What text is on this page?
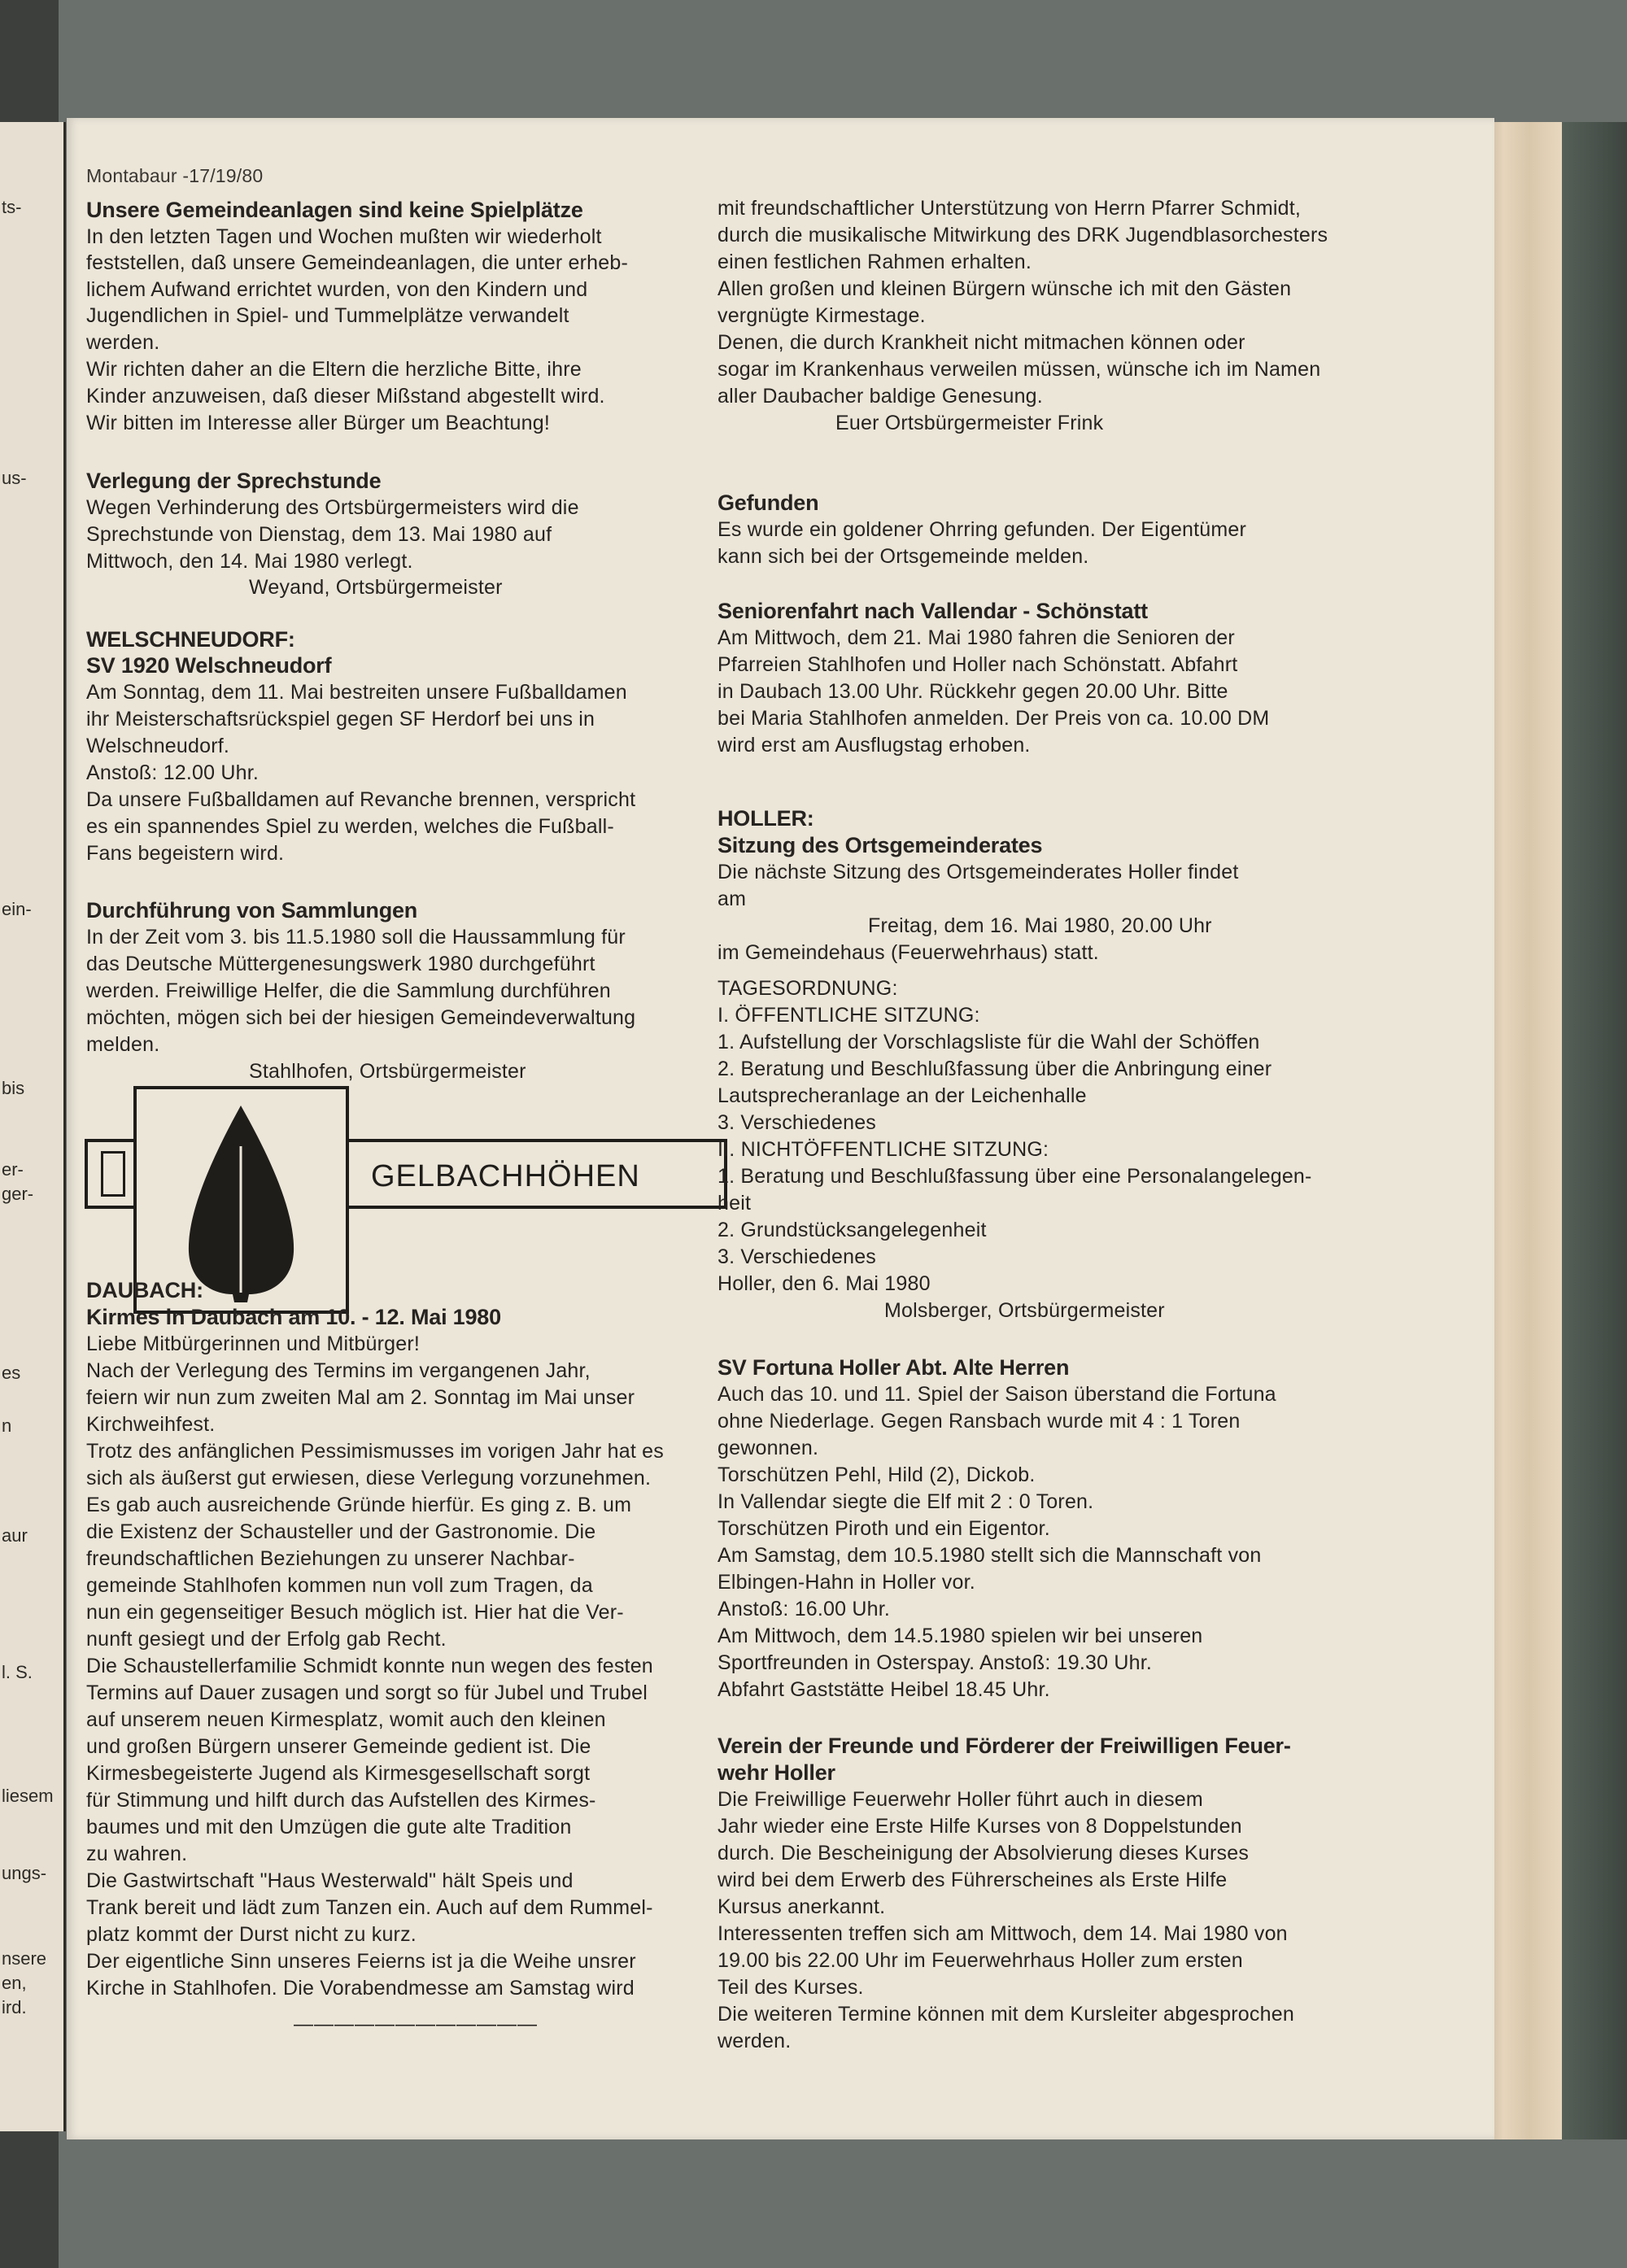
ts-
us-
ein-
bis
er-
ger-
es
n
aur
l. S.
liesem
ungs-
nsere
en,
ird.
Montabaur -17/19/80
Unsere Gemeindeanlagen sind keine Spielplätze
In den letzten Tagen und Wochen mußten wir wiederholt
feststellen, daß unsere Gemeindeanlagen, die unter erheb-
lichem Aufwand errichtet wurden, von den Kindern und
Jugendlichen in Spiel- und Tummelplätze verwandelt
werden.
Wir richten daher an die Eltern die herzliche Bitte, ihre
Kinder anzuweisen, daß dieser Mißstand abgestellt wird.
Wir bitten im Interesse aller Bürger um Beachtung!
Verlegung der Sprechstunde
Wegen Verhinderung des Ortsbürgermeisters wird die
Sprechstunde von Dienstag, dem 13. Mai 1980 auf
Mittwoch, den 14. Mai 1980 verlegt.
Weyand, Ortsbürgermeister
WELSCHNEUDORF:
SV 1920 Welschneudorf
Am Sonntag, dem 11. Mai bestreiten unsere Fußballdamen
ihr Meisterschaftsrückspiel gegen SF Herdorf bei uns in
Welschneudorf.
Anstoß: 12.00 Uhr.
Da unsere Fußballdamen auf Revanche brennen, verspricht
es ein spannendes Spiel zu werden, welches die Fußball-
Fans begeistern wird.
Durchführung von Sammlungen
In der Zeit vom 3. bis 11.5.1980 soll die Haussammlung für
das Deutsche Müttergenesungswerk 1980 durchgeführt
werden. Freiwillige Helfer, die die Sammlung durchführen
möchten, mögen sich bei der hiesigen Gemeindeverwaltung
melden.
Stahlhofen, Ortsbürgermeister
GELBACHHÖHEN
DAUBACH:
Kirmes in Daubach am 10. - 12. Mai 1980
Liebe Mitbürgerinnen und Mitbürger!
Nach der Verlegung des Termins im vergangenen Jahr,
feiern wir nun zum zweiten Mal am 2. Sonntag im Mai unser
Kirchweihfest.
Trotz des anfänglichen Pessimismusses im vorigen Jahr hat es
sich als äußerst gut erwiesen, diese Verlegung vorzunehmen.
Es gab auch ausreichende Gründe hierfür. Es ging z. B. um
die Existenz der Schausteller und der Gastronomie. Die
freundschaftlichen Beziehungen zu unserer Nachbar-
gemeinde Stahlhofen kommen nun voll zum Tragen, da
nun ein gegenseitiger Besuch möglich ist. Hier hat die Ver-
nunft gesiegt und der Erfolg gab Recht.
Die Schaustellerfamilie Schmidt konnte nun wegen des festen
Termins auf Dauer zusagen und sorgt so für Jubel und Trubel
auf unserem neuen Kirmesplatz, womit auch den kleinen
und großen Bürgern unserer Gemeinde gedient ist. Die
Kirmesbegeisterte Jugend als Kirmesgesellschaft sorgt
für Stimmung und hilft durch das Aufstellen des Kirmes-
baumes und mit den Umzügen die gute alte Tradition
zu wahren.
Die Gastwirtschaft "Haus Westerwald" hält Speis und
Trank bereit und lädt zum Tanzen ein. Auch auf dem Rummel-
platz kommt der Durst nicht zu kurz.
Der eigentliche Sinn unseres Feierns ist ja die Weihe unsrer
Kirche in Stahlhofen. Die Vorabendmesse am Samstag wird
————————————
mit freundschaftlicher Unterstützung von Herrn Pfarrer Schmidt,
durch die musikalische Mitwirkung des DRK Jugendblasorchesters
einen festlichen Rahmen erhalten.
Allen großen und kleinen Bürgern wünsche ich mit den Gästen
vergnügte Kirmestage.
Denen, die durch Krankheit nicht mitmachen können oder
sogar im Krankenhaus verweilen müssen, wünsche ich im Namen
aller Daubacher baldige Genesung.
Euer Ortsbürgermeister Frink
Gefunden
Es wurde ein goldener Ohrring gefunden. Der Eigentümer
kann sich bei der Ortsgemeinde melden.
Seniorenfahrt nach Vallendar - Schönstatt
Am Mittwoch, dem 21. Mai 1980 fahren die Senioren der
Pfarreien Stahlhofen und Holler nach Schönstatt. Abfahrt
in Daubach 13.00 Uhr. Rückkehr gegen 20.00 Uhr. Bitte
bei Maria Stahlhofen anmelden. Der Preis von ca. 10.00 DM
wird erst am Ausflugstag erhoben.
HOLLER:
Sitzung des Ortsgemeinderates
Die nächste Sitzung des Ortsgemeinderates Holler findet
am
Freitag, dem 16. Mai 1980, 20.00 Uhr
im Gemeindehaus (Feuerwehrhaus) statt.
TAGESORDNUNG:
I. ÖFFENTLICHE SITZUNG:
1. Aufstellung der Vorschlagsliste für die Wahl der Schöffen
2. Beratung und Beschlußfassung über die Anbringung einer
Lautsprecheranlage an der Leichenhalle
3. Verschiedenes
II. NICHTÖFFENTLICHE SITZUNG:
1. Beratung und Beschlußfassung über eine Personalangelegen-
heit
2. Grundstücksangelegenheit
3. Verschiedenes
Holler, den 6. Mai 1980
Molsberger, Ortsbürgermeister
SV Fortuna Holler Abt. Alte Herren
Auch das 10. und 11. Spiel der Saison überstand die Fortuna
ohne Niederlage. Gegen Ransbach wurde mit 4 : 1 Toren
gewonnen.
Torschützen Pehl, Hild (2), Dickob.
In Vallendar siegte die Elf mit 2 : 0 Toren.
Torschützen Piroth und ein Eigentor.
Am Samstag, dem 10.5.1980 stellt sich die Mannschaft von
Elbingen-Hahn in Holler vor.
Anstoß: 16.00 Uhr.
Am Mittwoch, dem 14.5.1980 spielen wir bei unseren
Sportfreunden in Osterspay. Anstoß: 19.30 Uhr.
Abfahrt Gaststätte Heibel 18.45 Uhr.
Verein der Freunde und Förderer der Freiwilligen Feuer-
wehr Holler
Die Freiwillige Feuerwehr Holler führt auch in diesem
Jahr wieder eine Erste Hilfe Kurses von 8 Doppelstunden
durch. Die Bescheinigung der Absolvierung dieses Kurses
wird bei dem Erwerb des Führerscheines als Erste Hilfe
Kursus anerkannt.
Interessenten treffen sich am Mittwoch, dem 14. Mai 1980 von
19.00 bis 22.00 Uhr im Feuerwehrhaus Holler zum ersten
Teil des Kurses.
Die weiteren Termine können mit dem Kursleiter abgesprochen
werden.
